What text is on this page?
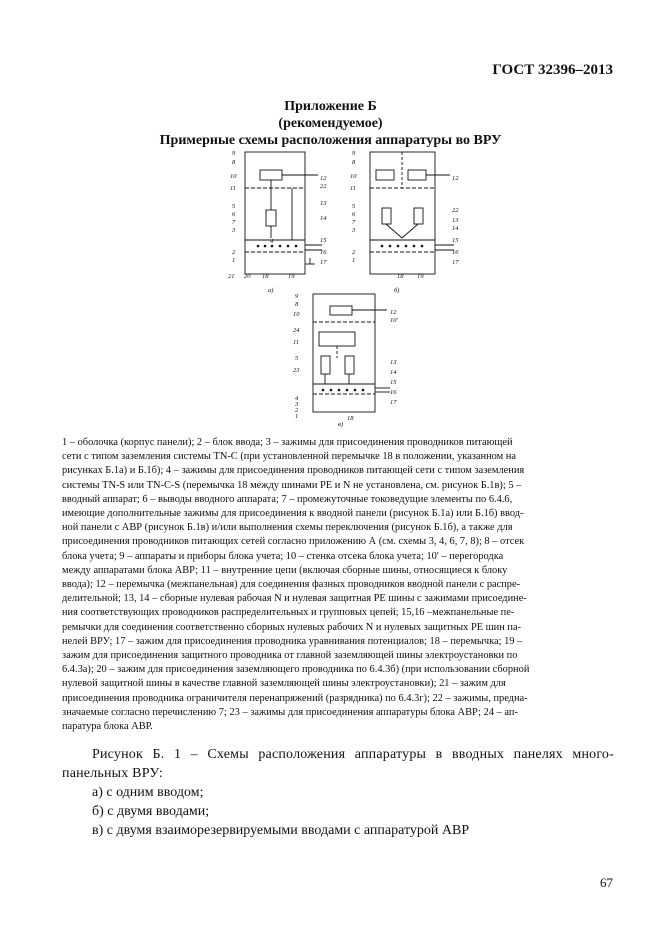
ГОСТ 32396–2013
Приложение Б
(рекомендуемое)
Примерные схемы расположения аппаратуры во ВРУ
9
8
10
11
5
6
7
3
2
1
21 20 18	19
12
22
13
14
15
16
17
4
а)
9
8
10
11
5
6
7
3
2
1
12
22
13
14
15
16
17
18 19
б)
9
8
10
24
11
5
23
4
3
2
1
12
10'
13
14
15
16
17
18
в)

1 – оболочка (корпус панели); 2 – блок ввода; 3 – зажимы для присоединения проводников питающей

сети с типом заземления системы TN-C (при установленной перемычке 18 в положении, указанном на

рисунках Б.1а) и Б.1б); 4 – зажимы для присоединения проводников питающей сети с типом заземления

системы TN-S или TN-C-S (перемычка 18 между шинами PE и N не установлена, см. рисунок Б.1в); 5 –

вводный аппарат; 6 – выводы вводного аппарата; 7 – промежуточные токоведущие элементы по 6.4.6,

имеющие дополнительные зажимы для присоединения к вводной панели (рисунок Б.1а) или Б.1б) ввод-

ной панели с АВР (рисунок Б.1в) и/или выполнения схемы переключения (рисунок Б.1б), а также для

присоединения проводников питающих сетей согласно приложению А (см. схемы 3, 4, 6, 7, 8); 8 – отсек

блока учета; 9 – аппараты и приборы блока учета; 10 – стенка отсека блока учета; 10' – перегородка

между аппаратами блока АВР; 11 – внутренние цепи (включая сборные шины, относящиеся к блоку

ввода); 12 – перемычка (межпанельная) для соединения фазных проводников вводной панели с распре-

делительной; 13, 14 – сборные нулевая рабочая N и нулевая защитная PE шины с зажимами присоедине-

ния соответствующих проводников распределительных и групповых цепей; 15,16 –межпанельные пе-

ремычки для соединения соответственно сборных нулевых рабочих N и нулевых защитных PE шин па-

нелей ВРУ; 17 – зажим для присоединения проводника уравнивания потенциалов; 18 – перемычка; 19 –

зажим для присоединения защитного проводника от главной заземляющей шины электроустановки по

6.4.3а); 20 – зажим для присоединения заземляющего проводника по 6.4.3б) (при использовании сборной

нулевой защитной шины в качестве главной заземляющей шины электроустановки); 21 – зажим для

присоединения проводника ограничителя перенапряжений (разрядника) по 6.4.3г); 22 – зажимы, предна-

значаемые согласно перечислению 7; 23 – зажимы для присоединения аппаратуры блока АВР; 24 – ап-

паратура блока АВР.

Рисунок Б. 1 – Схемы расположения аппаратуры в вводных панелях много-панельных ВРУ:

а) с одним вводом;

б) с двумя вводами;

в) с двумя взаиморезервируемыми вводами с аппаратурой АВР

67
